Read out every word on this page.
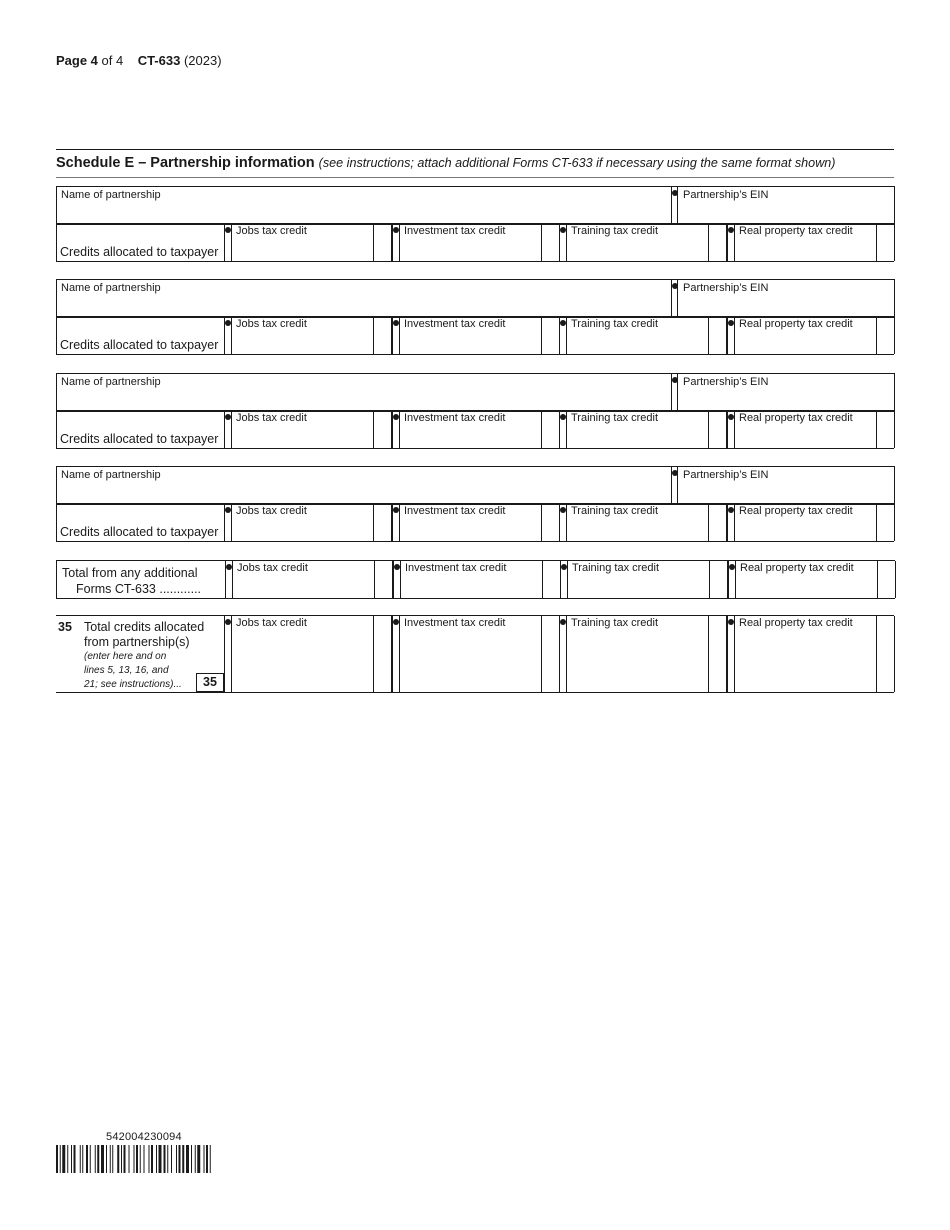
Page 4 of 4 CT-633 (2023)
Schedule E – Partnership information (see instructions; attach additional Forms CT-633 if necessary using the same format shown)
Name of partnership	Partnership’s EIN
Credits allocated to taxpayer
Jobs tax credit	Investment tax credit	Training tax credit	Real property tax credit
Name of partnership	Partnership’s EIN
Credits allocated to taxpayer
Jobs tax credit	Investment tax credit	Training tax credit	Real property tax credit
Name of partnership	Partnership’s EIN
Credits allocated to taxpayer
Jobs tax credit	Investment tax credit	Training tax credit	Real property tax credit
Name of partnership	Partnership’s EIN
Credits allocated to taxpayer
Jobs tax credit	Investment tax credit	Training tax credit	Real property tax credit
Total from any additional
Forms CT-633 ............
Jobs tax credit	Investment tax credit	Training tax credit	Real property tax credit
35 Total credits allocated
from partnership(s)
(enter here and on
lines 5, 13, 16, and
21; see instructions)...	35
Jobs tax credit	Investment tax credit	Training tax credit	Real property tax credit
542004230094
